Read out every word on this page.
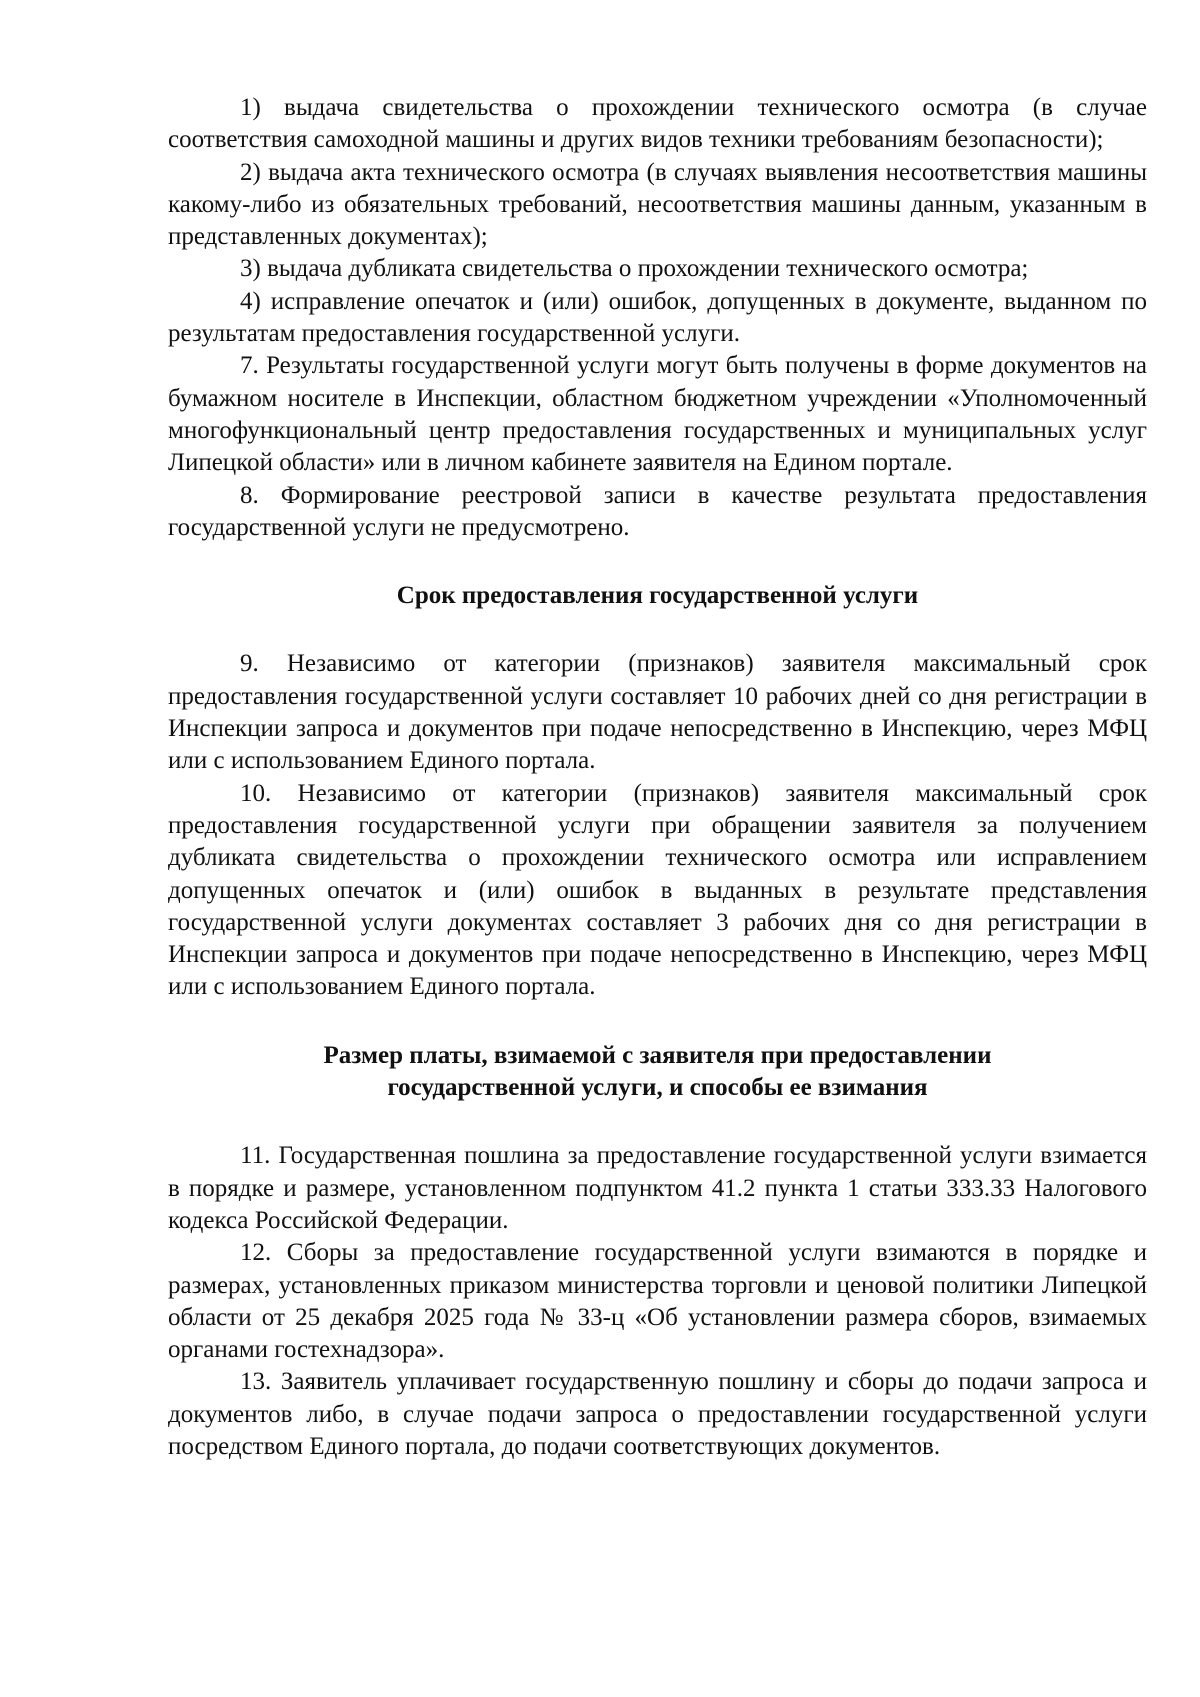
1) выдача свидетельства о прохождении технического осмотра (в случае соответствия самоходной машины и других видов техники требованиям безопасности);

2) выдача акта технического осмотра (в случаях выявления несоответствия машины какому-либо из обязательных требований, несоответствия машины данным, указанным в представленных документах);

3) выдача дубликата свидетельства о прохождении технического осмотра;

4) исправление опечаток и (или) ошибок, допущенных в документе, выданном по результатам предоставления государственной услуги.

7. Результаты государственной услуги могут быть получены в форме документов на бумажном носителе в Инспекции, областном бюджетном учреждении «Уполномоченный многофункциональный центр предоставления государственных и муниципальных услуг Липецкой области» или в личном кабинете заявителя на Едином портале.

8. Формирование реестровой записи в качестве результата предоставления государственной услуги не предусмотрено.

Срок предоставления государственной услуги

9. Независимо от категории (признаков) заявителя максимальный срок предоставления государственной услуги составляет 10 рабочих дней со дня регистрации в Инспекции запроса и документов при подаче непосредственно в Инспекцию, через МФЦ или с использованием Единого портала.

10. Независимо от категории (признаков) заявителя максимальный срок предоставления государственной услуги при обращении заявителя за получением дубликата свидетельства о прохождении технического осмотра или исправлением допущенных опечаток и (или) ошибок в выданных в результате представления государственной услуги документах составляет 3 рабочих дня со дня регистрации в Инспекции запроса и документов при подаче непосредственно в Инспекцию, через МФЦ или с использованием Единого портала.

Размер платы, взимаемой с заявителя при предоставлении
государственной услуги, и способы ее взимания

11. Государственная пошлина за предоставление государственной услуги взимается в порядке и размере, установленном подпунктом 41.2 пункта 1 статьи 333.33 Налогового кодекса Российской Федерации.

12. Сборы за предоставление государственной услуги взимаются в порядке и размерах, установленных приказом министерства торговли и ценовой политики Липецкой области от 25 декабря 2025 года № 33-ц «Об установлении размера сборов, взимаемых органами гостехнадзора».

13. Заявитель уплачивает государственную пошлину и сборы до подачи запроса и документов либо, в случае подачи запроса о предоставлении государственной услуги посредством Единого портала, до подачи соответствующих документов.
